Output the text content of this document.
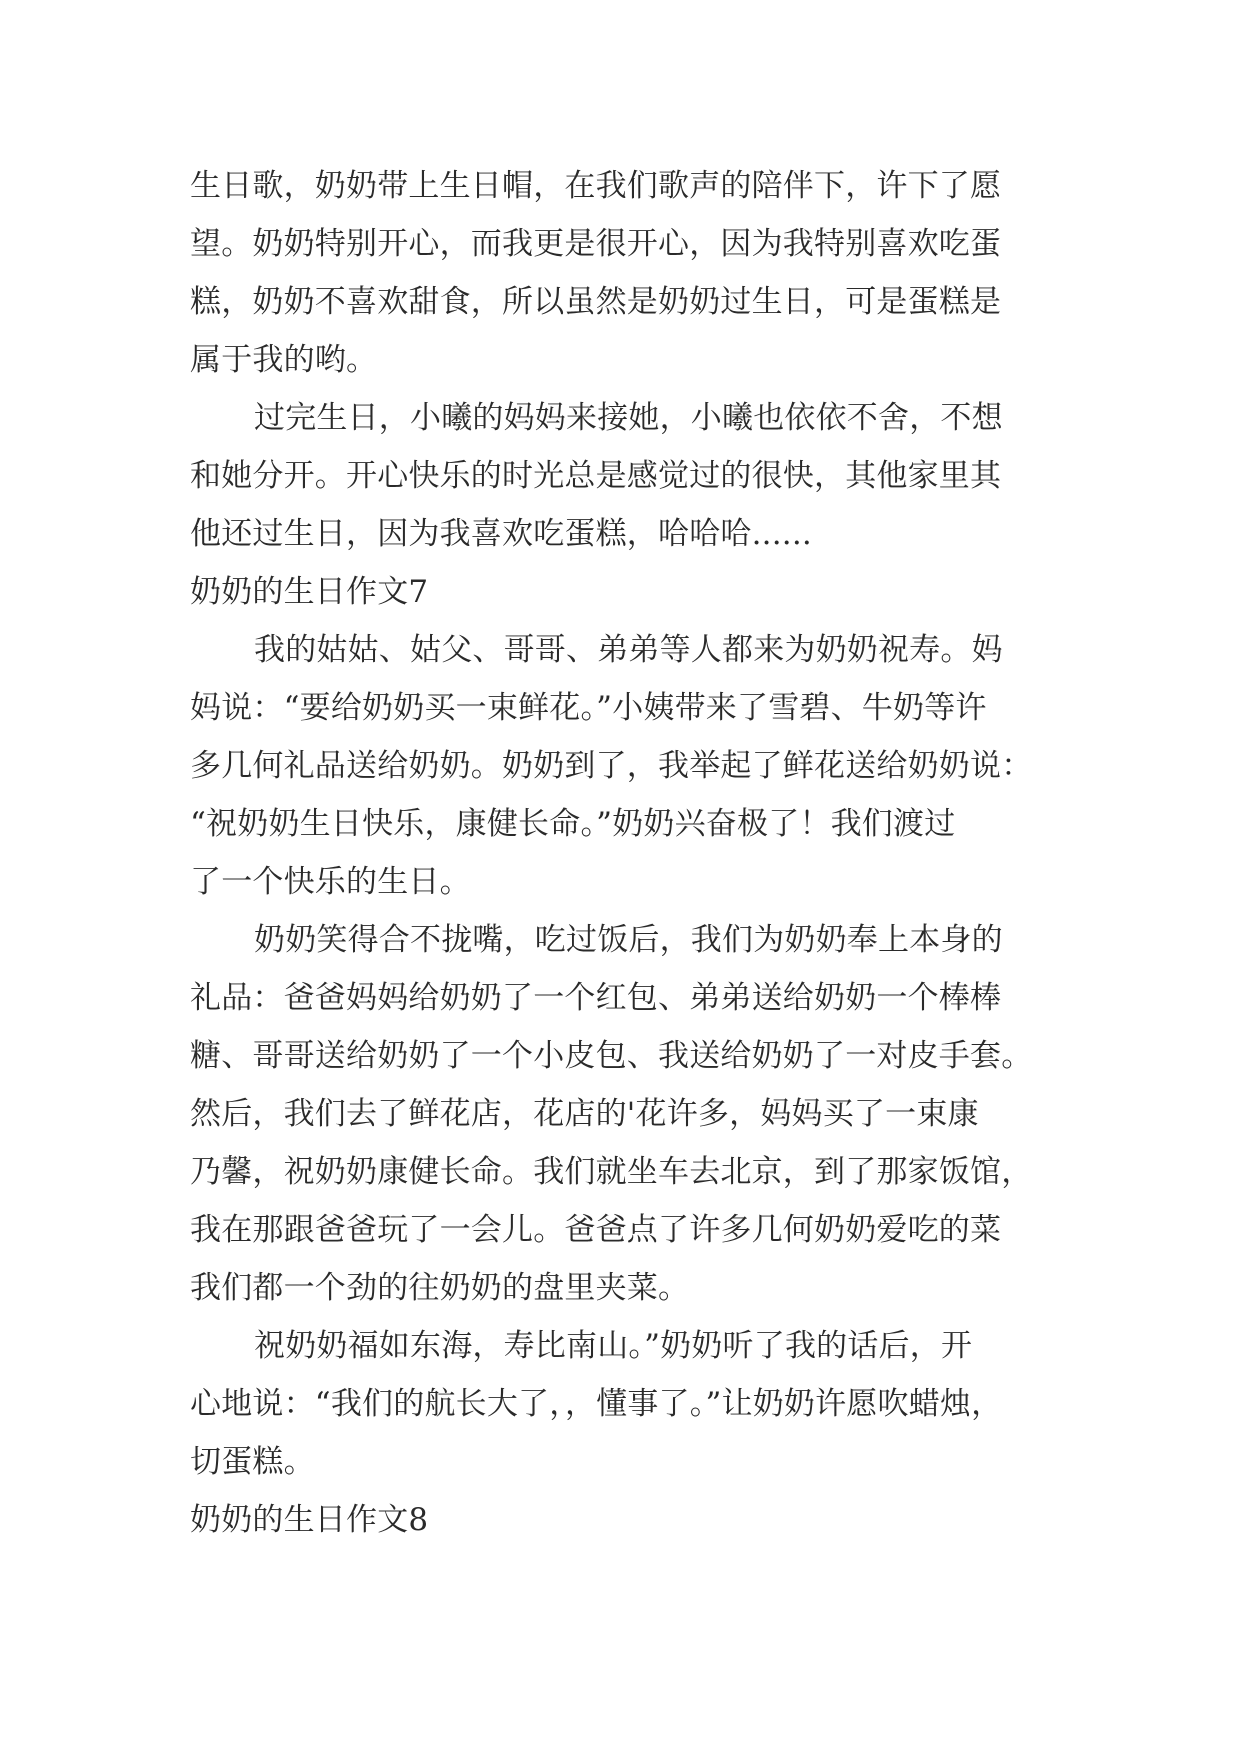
生日歌，奶奶带上生日帽，在我们歌声的陪伴下，许下了愿
望。奶奶特别开心，而我更是很开心，因为我特别喜欢吃蛋
糕，奶奶不喜欢甜食，所以虽然是奶奶过生日，可是蛋糕是
属于我的哟。
过完生日，小曦的妈妈来接她，小曦也依依不舍，不想
和她分开。开心快乐的时光总是感觉过的很快，其他家里其
他还过生日，因为我喜欢吃蛋糕，哈哈哈......
奶奶的生日作文7
我的姑姑、姑父、哥哥、弟弟等人都来为奶奶祝寿。妈
妈说：“要给奶奶买一束鲜花。”小姨带来了雪碧、牛奶等许
多几何礼品送给奶奶。奶奶到了，我举起了鲜花送给奶奶说：
“祝奶奶生日快乐，康健长命。”奶奶兴奋极了！我们渡过
了一个快乐的生日。
奶奶笑得合不拢嘴，吃过饭后，我们为奶奶奉上本身的
礼品：爸爸妈妈给奶奶了一个红包、弟弟送给奶奶一个棒棒
糖、哥哥送给奶奶了一个小皮包、我送给奶奶了一对皮手套。
然后，我们去了鲜花店，花店的'花许多，妈妈买了一束康
乃馨，祝奶奶康健长命。我们就坐车去北京，到了那家饭馆，
我在那跟爸爸玩了一会儿。爸爸点了许多几何奶奶爱吃的菜
我们都一个劲的往奶奶的盘里夹菜。
祝奶奶福如东海，寿比南山。”奶奶听了我的话后，开
心地说：“我们的航长大了，，懂事了。”让奶奶许愿吹蜡烛，
切蛋糕。
奶奶的生日作文8
